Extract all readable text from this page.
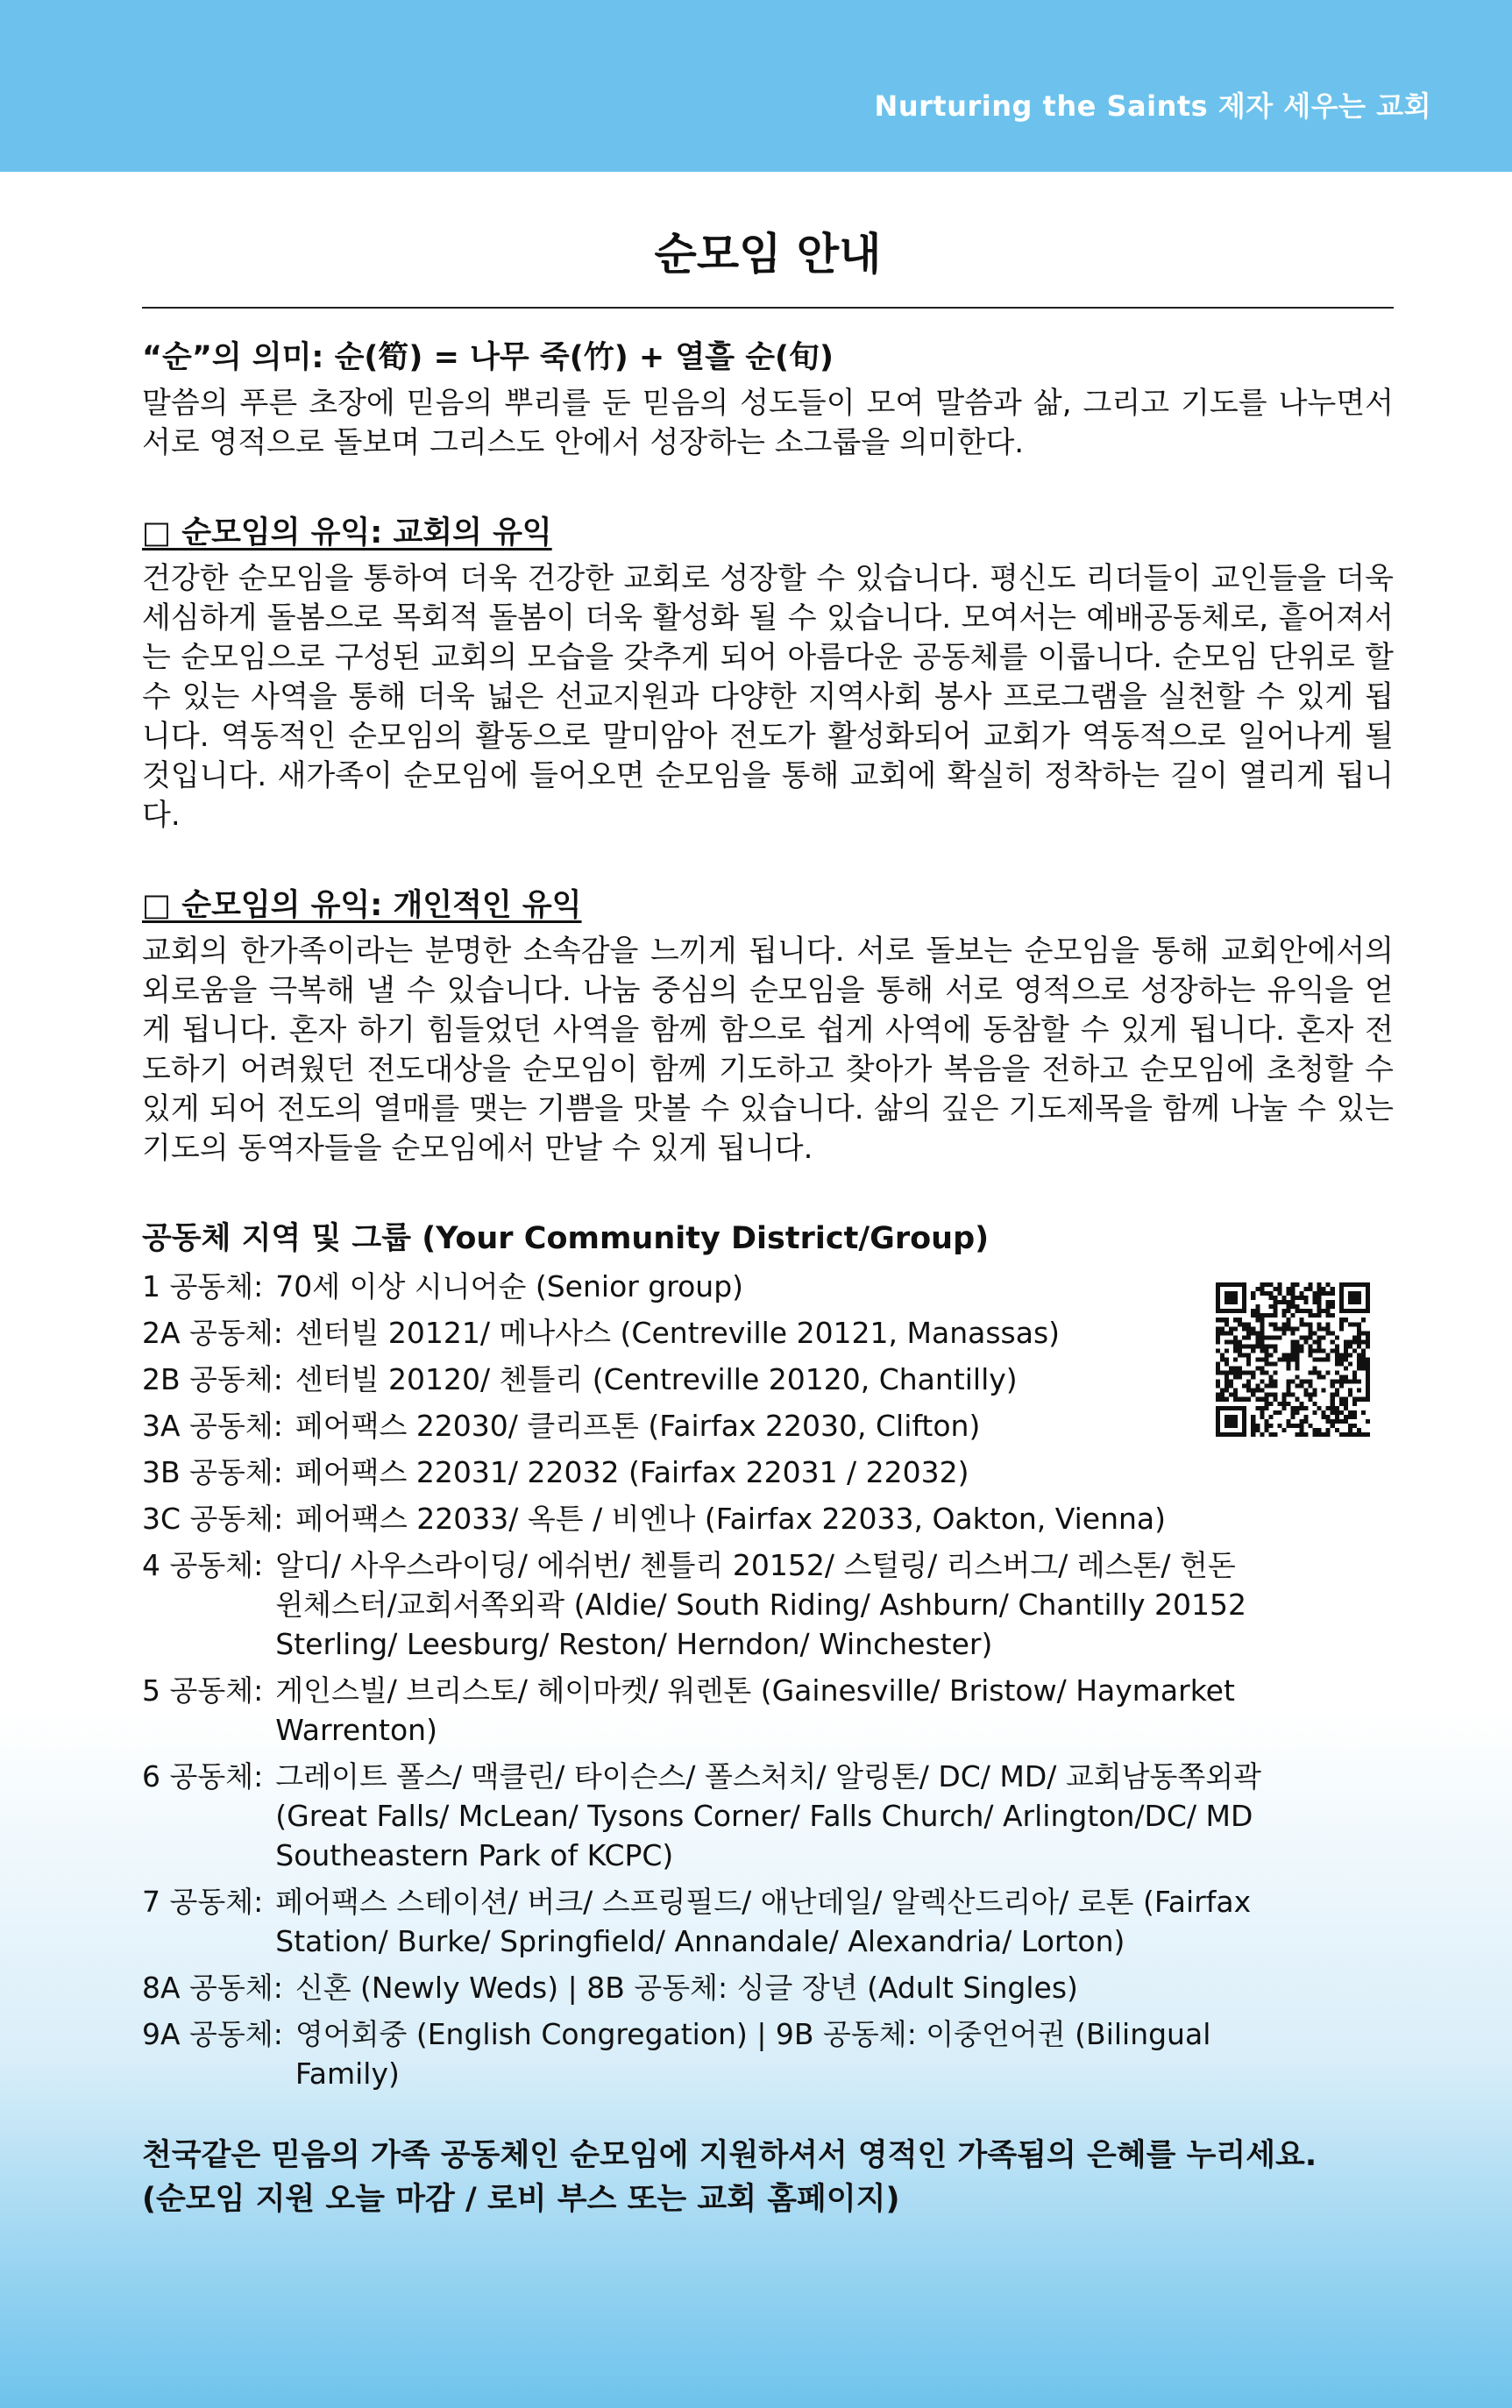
Nurturing the Saints 제자 세우는 교회
순모임 안내
“순”의 의미: 순(筍) = 나무 죽(竹) + 열흘 순(旬)

말씀의 푸른 초장에 믿음의 뿌리를 둔 믿음의 성도들이 모여 말씀과 삶, 그리고 기도를 나누면서 서로 영적으로 돌보며 그리스도 안에서 성장하는 소그룹을 의미한다.

□ 순모임의 유익: 교회의 유익

건강한 순모임을 통하여 더욱 건강한 교회로 성장할 수 있습니다. 평신도 리더들이 교인들을 더욱 세심하게 돌봄으로 목회적 돌봄이 더욱 활성화 될 수 있습니다. 모여서는 예배공동체로, 흩어져서는 순모임으로 구성된 교회의 모습을 갖추게 되어 아름다운 공동체를 이룹니다. 순모임 단위로 할 수 있는 사역을 통해 더욱 넓은 선교지원과 다양한 지역사회 봉사 프로그램을 실천할 수 있게 됩니다. 역동적인 순모임의 활동으로 말미암아 전도가 활성화되어 교회가 역동적으로 일어나게 될 것입니다. 새가족이 순모임에 들어오면 순모임을 통해 교회에 확실히 정착하는 길이 열리게 됩니다.

□ 순모임의 유익: 개인적인 유익

교회의 한가족이라는 분명한 소속감을 느끼게 됩니다. 서로 돌보는 순모임을 통해 교회안에서의 외로움을 극복해 낼 수 있습니다. 나눔 중심의 순모임을 통해 서로 영적으로 성장하는 유익을 얻게 됩니다. 혼자 하기 힘들었던 사역을 함께 함으로 쉽게 사역에 동참할 수 있게 됩니다. 혼자 전도하기 어려웠던 전도대상을 순모임이 함께 기도하고 찾아가 복음을 전하고 순모임에 초청할 수 있게 되어 전도의 열매를 맺는 기쁨을 맛볼 수 있습니다. 삶의 깊은 기도제목을 함께 나눌 수 있는 기도의 동역자들을 순모임에서 만날 수 있게 됩니다.

공동체 지역 및 그룹 (Your Community District/Group)
1 공동체: 70세 이상 시니어순 (Senior group)
2A 공동체: 센터빌 20121/ 메나사스 (Centreville 20121, Manassas)
2B 공동체: 센터빌 20120/ 첸틀리 (Centreville 20120, Chantilly)
3A 공동체: 페어팩스 22030/ 클리프톤 (Fairfax 22030, Clifton)
3B 공동체: 페어팩스 22031/ 22032 (Fairfax 22031 / 22032)
3C 공동체: 페어팩스 22033/ 옥튼 / 비엔나 (Fairfax 22033, Oakton, Vienna)
4 공동체: 알디/ 사우스라이딩/ 에쉬번/ 첸틀리 20152/ 스털링/ 리스버그/ 레스톤/ 헌돈 윈체스터/교회서쪽외곽 (Aldie/ South Riding/ Ashburn/ Chantilly 20152 Sterling/ Leesburg/ Reston/ Herndon/ Winchester)
5 공동체: 게인스빌/ 브리스토/ 헤이마켓/ 워렌톤 (Gainesville/ Bristow/ Haymarket Warrenton)
6 공동체: 그레이트 폴스/ 맥클린/ 타이슨스/ 폴스처치/ 알링톤/ DC/ MD/ 교회남동쪽외곽 (Great Falls/ McLean/ Tysons Corner/ Falls Church/ Arlington/DC/ MD Southeastern Park of KCPC)
7 공동체: 페어팩스 스테이션/ 버크/ 스프링필드/ 애난데일/ 알렉산드리아/ 로톤 (Fairfax Station/ Burke/ Springfield/ Annandale/ Alexandria/ Lorton)
8A 공동체: 신혼 (Newly Weds) | 8B 공동체: 싱글 장년 (Adult Singles)
9A 공동체: 영어회중 (English Congregation) | 9B 공동체: 이중언어권 (Bilingual Family)
천국같은 믿음의 가족 공동체인 순모임에 지원하셔서 영적인 가족됨의 은혜를 누리세요.
(순모임 지원 오늘 마감 / 로비 부스 또는 교회 홈페이지)
